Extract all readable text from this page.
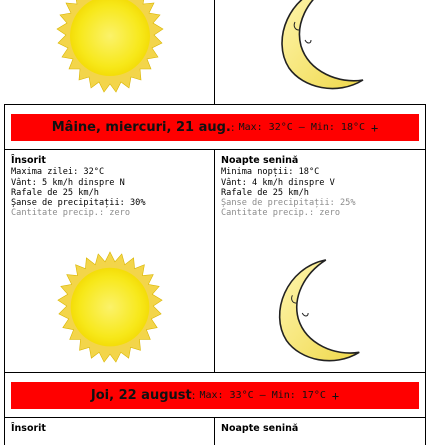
Mâine, miercuri, 21 aug. : Max: 32°C — Min: 18°C +
Însorit
Maxima zilei: 32°C
Vânt: 5 km/h dinspre N
Rafale de 25 km/h
Șanse de precipitații: 30%
Cantitate precip.: zero
Noapte senină
Minima nopții: 18°C
Vânt: 4 km/h dinspre V
Rafale de 25 km/h
Șanse de precipitații: 25%
Cantitate precip.: zero
Joi, 22 august : Max: 33°C — Min: 17°C +
Însorit	Noapte senină
